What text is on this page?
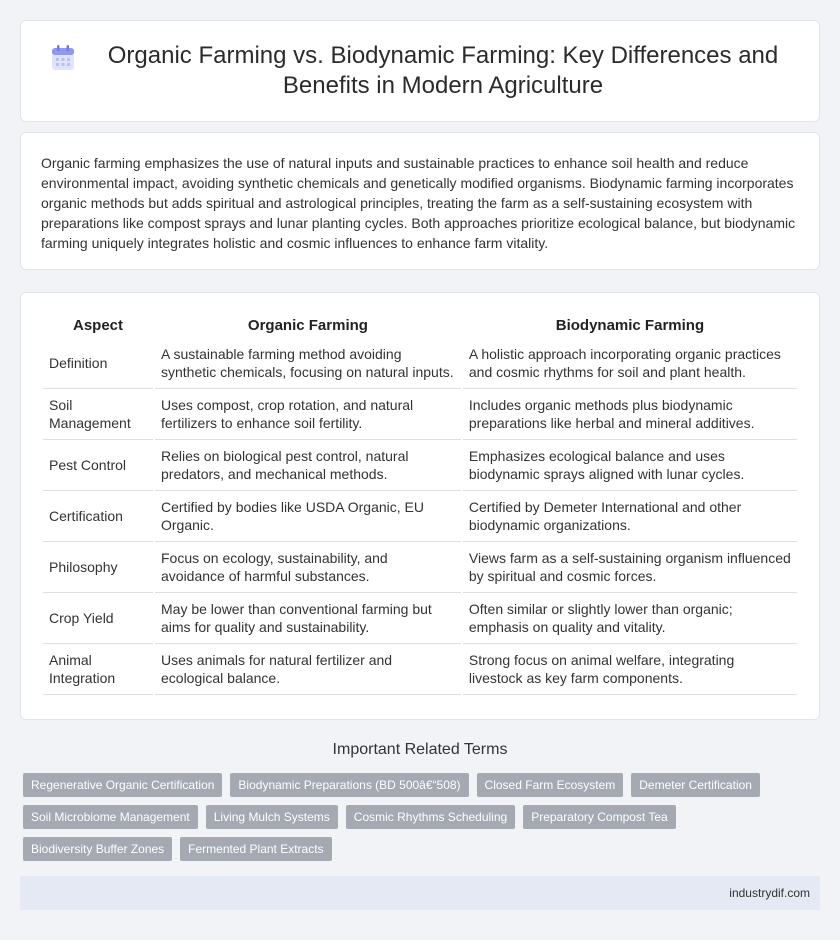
Organic Farming vs. Biodynamic Farming: Key Differences and Benefits in Modern Agriculture

Organic farming emphasizes the use of natural inputs and sustainable practices to enhance soil health and reduce environmental impact, avoiding synthetic chemicals and genetically modified organisms. Biodynamic farming incorporates organic methods but adds spiritual and astrological principles, treating the farm as a self-sustaining ecosystem with preparations like compost sprays and lunar planting cycles. Both approaches prioritize ecological balance, but biodynamic farming uniquely integrates holistic and cosmic influences to enhance farm vitality.

Aspect	Organic Farming	Biodynamic Farming
Definition	A sustainable farming method avoiding synthetic chemicals, focusing on natural inputs.	A holistic approach incorporating organic practices and cosmic rhythms for soil and plant health.
Soil Management	Uses compost, crop rotation, and natural fertilizers to enhance soil fertility.	Includes organic methods plus biodynamic preparations like herbal and mineral additives.
Pest Control	Relies on biological pest control, natural predators, and mechanical methods.	Emphasizes ecological balance and uses biodynamic sprays aligned with lunar cycles.
Certification	Certified by bodies like USDA Organic, EU Organic.	Certified by Demeter International and other biodynamic organizations.
Philosophy	Focus on ecology, sustainability, and avoidance of harmful substances.	Views farm as a self-sustaining organism influenced by spiritual and cosmic forces.
Crop Yield	May be lower than conventional farming but aims for quality and sustainability.	Often similar or slightly lower than organic; emphasis on quality and vitality.
Animal Integration	Uses animals for natural fertilizer and ecological balance.	Strong focus on animal welfare, integrating livestock as key farm components.
Important Related Terms
Regenerative Organic Certification	Biodynamic Preparations (BD 500â€“508)	Closed Farm Ecosystem	Demeter Certification
Soil Microbiome Management	Living Mulch Systems	Cosmic Rhythms Scheduling	Preparatory Compost Tea
Biodiversity Buffer Zones	Fermented Plant Extracts
industrydif.com
